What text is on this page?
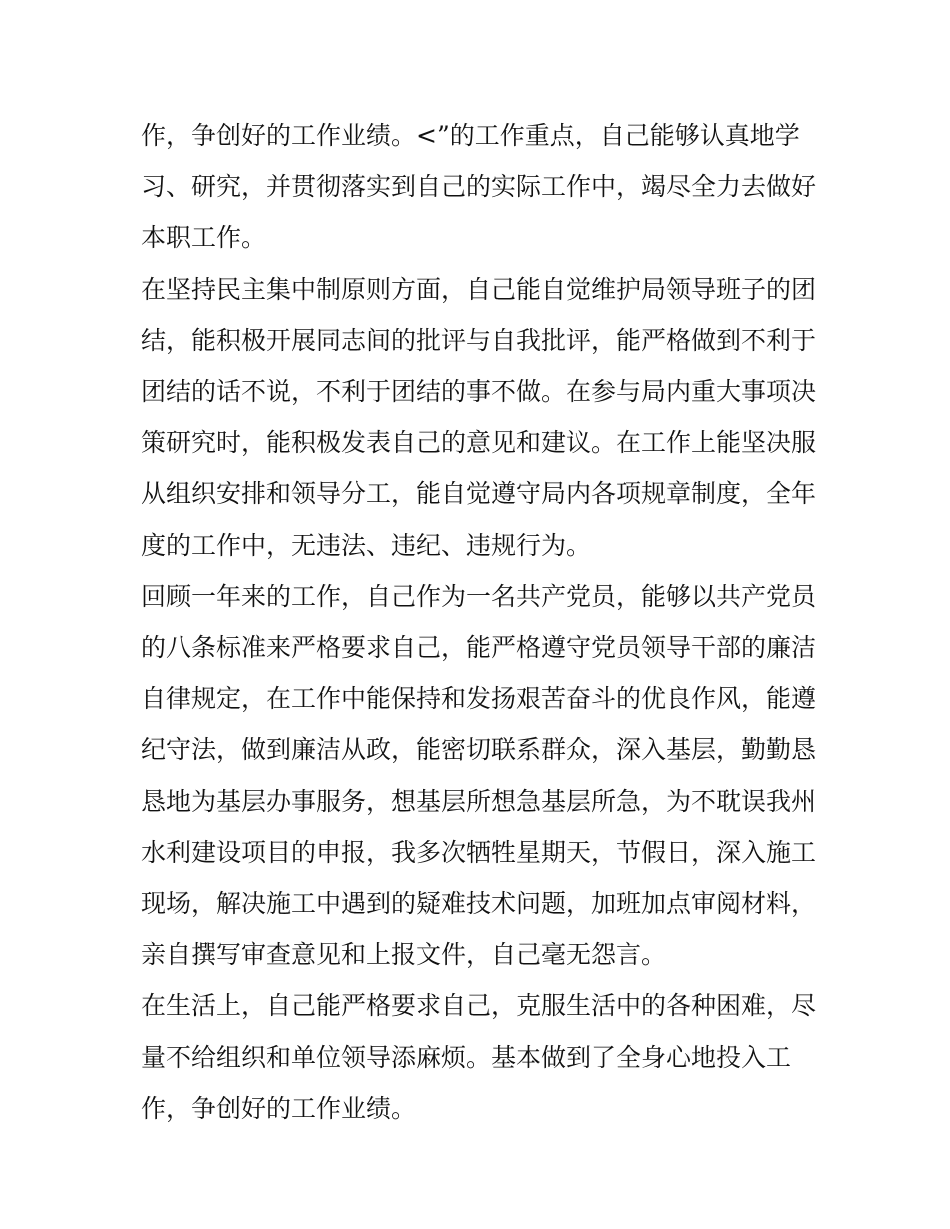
作，争创好的工作业绩。<”的工作重点，自己能够认真地学
习、研究，并贯彻落实到自己的实际工作中，竭尽全力去做好
本职工作。

在坚持民主集中制原则方面，自己能自觉维护局领导班子的团
结，能积极开展同志间的批评与自我批评，能严格做到不利于
团结的话不说，不利于团结的事不做。在参与局内重大事项决
策研究时，能积极发表自己的意见和建议。在工作上能坚决服
从组织安排和领导分工，能自觉遵守局内各项规章制度，全年
度的工作中，无违法、违纪、违规行为。

回顾一年来的工作，自己作为一名共产党员，能够以共产党员
的八条标准来严格要求自己，能严格遵守党员领导干部的廉洁
自律规定，在工作中能保持和发扬艰苦奋斗的优良作风，能遵
纪守法，做到廉洁从政，能密切联系群众，深入基层，勤勤恳
恳地为基层办事服务，想基层所想急基层所急，为不耽误我州
水利建设项目的申报，我多次牺牲星期天，节假日，深入施工
现场，解决施工中遇到的疑难技术问题，加班加点审阅材料，
亲自撰写审查意见和上报文件，自己毫无怨言。

在生活上，自己能严格要求自己，克服生活中的各种困难，尽
量不给组织和单位领导添麻烦。基本做到了全身心地投入工
作，争创好的工作业绩。
